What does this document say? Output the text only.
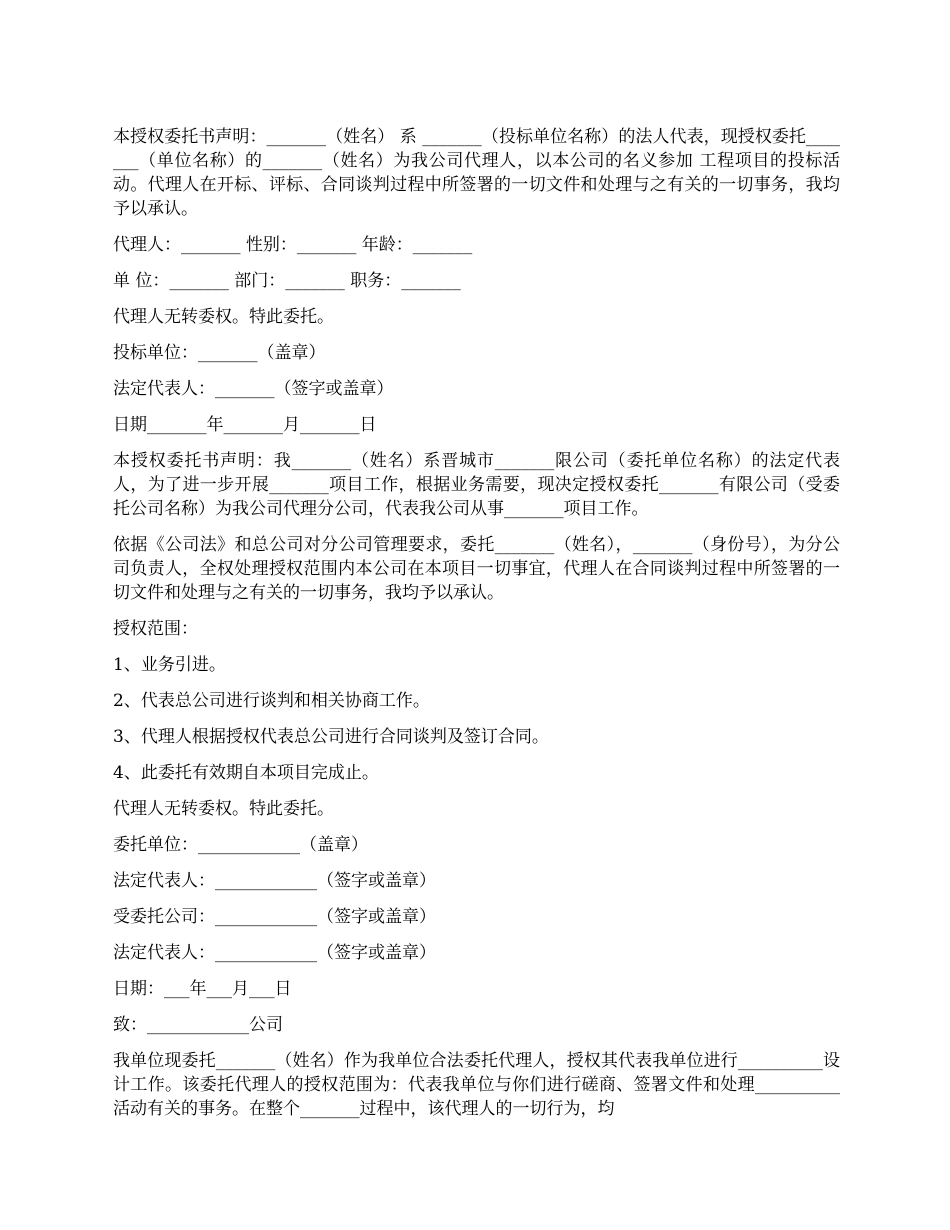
本授权委托书声明：_______（姓名） 系 _______（投标单位名称）的法人代表，现授权委托_______（单位名称）的_______（姓名）为我公司代理人，以本公司的名义参加 工程项目的投标活动。代理人在开标、评标、合同谈判过程中所签署的一切文件和处理与之有关的一切事务，我均予以承认。

代理人：_______ 性别：_______ 年龄：_______

单 位：_______ 部门：_______ 职务：_______

代理人无转委权。特此委托。

投标单位：_______（盖章）

法定代表人：_______（签字或盖章）

日期_______年_______月_______日

本授权委托书声明：我_______（姓名）系晋城市_______限公司（委托单位名称）的法定代表人，为了进一步开展_______项目工作，根据业务需要，现决定授权委托_______有限公司（受委托公司名称）为我公司代理分公司，代表我公司从事_______项目工作。

依据《公司法》和总公司对分公司管理要求，委托_______（姓名），_______（身份号），为分公司负责人，全权处理授权范围内本公司在本项目一切事宜，代理人在合同谈判过程中所签署的一切文件和处理与之有关的一切事务，我均予以承认。

授权范围：

1、业务引进。

2、代表总公司进行谈判和相关协商工作。

3、代理人根据授权代表总公司进行合同谈判及签订合同。

4、此委托有效期自本项目完成止。

代理人无转委权。特此委托。

委托单位：____________（盖章）

法定代表人：____________（签字或盖章）

受委托公司：____________（签字或盖章）

法定代表人：____________（签字或盖章）

日期：___年___月___日

致：____________公司

我单位现委托_______（姓名）作为我单位合法委托代理人，授权其代表我单位进行__________设计工作。该委托代理人的授权范围为：代表我单位与你们进行磋商、签署文件和处理__________活动有关的事务。在整个_______过程中，该代理人的一切行为，均
